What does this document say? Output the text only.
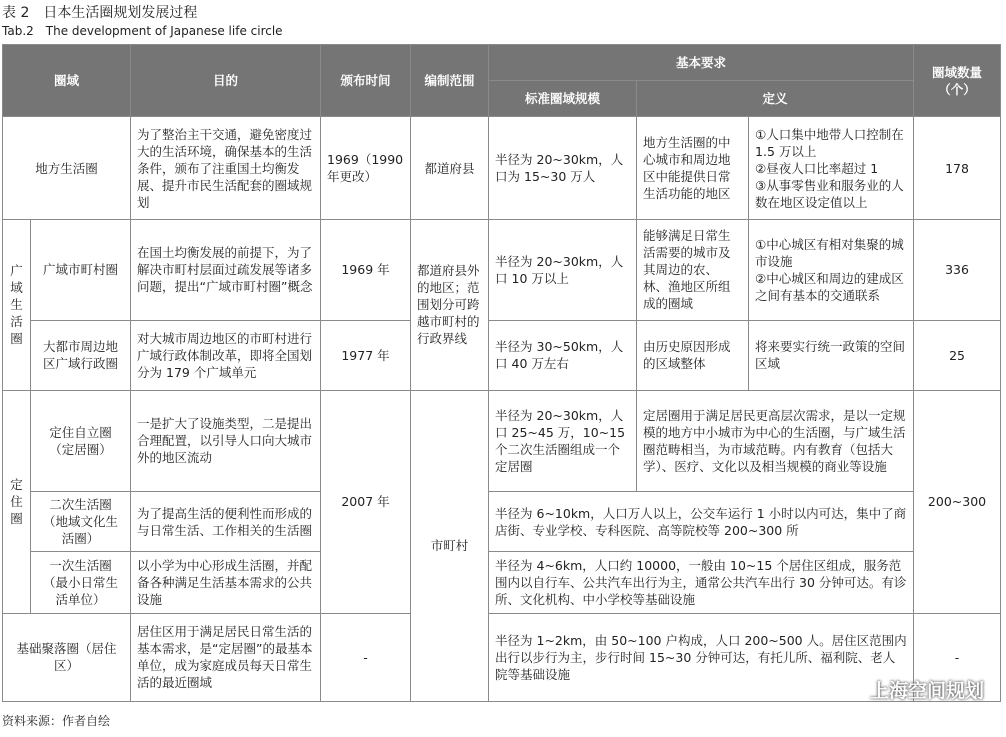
表 2　日本生活圈规划发展过程
Tab.2　The development of Japanese life circle
圈域		目的	颁布时间	编制范围	基本要求			圈域数量（个）
					标准圈域规模	定义		
地方生活圈		为了整治主干交通，避免密度过大的生活环境，确保基本的生活条件，颁布了注重国土均衡发展、提升市民生活配套的圈域规划	1969（1990年更改）	都道府县	半径为 20~30km，人口为 15~30 万人	地方生活圈的中心城市和周边地区中能提供日常生活功能的地区	①人口集中地带人口控制在 1.5 万以上
②昼夜人口比率超过 1
③从事零售业和服务业的人数在地区设定值以上	178
广域生活圈	广域市町村圈	在国土均衡发展的前提下，为了解决市町村层面过疏发展等诸多问题，提出“广域市町村圈”概念	1969 年	都道府县外的地区；范围划分可跨越市町村的行政界线	半径为 20~30km，人口 10 万以上	能够满足日常生活需要的城市及其周边的农、林、渔地区所组成的圈域	①中心城区有相对集聚的城市设施
②中心城区和周边的建成区之间有基本的交通联系	336
	大都市周边地区广域行政圈	对大城市周边地区的市町村进行广域行政体制改革，即将全国划分为 179 个广域单元	1977 年		半径为 30~50km，人口 40 万左右	由历史原因形成的区域整体	将来要实行统一政策的空间区域	25
定住圈	定住自立圈（定居圈）	一是扩大了设施类型，二是提出合理配置，以引导人口向大城市外的地区流动	2007 年	市町村	半径为 20~30km，人口 25~45 万，10~15 个二次生活圈组成一个定居圈	定居圈用于满足居民更高层次需求，是以一定规模的地方中小城市为中心的生活圈，与广域生活圈范畴相当，为市域范畴。内有教育（包括大学）、医疗、文化以及相当规模的商业等设施		200~300
	二次生活圈（地域文化生活圈）	为了提高生活的便利性而形成的与日常生活、工作相关的生活圈			半径为 6~10km，人口万人以上，公交车运行 1 小时以内可达，集中了商店街、专业学校、专科医院、高等院校等 200~300 所			
	一次生活圈（最小日常生活单位）	以小学为中心形成生活圈，并配备各种满足生活基本需求的公共设施			半径为 4~6km，人口约 10000，一般由 10~15 个居住区组成，服务范围内以自行车、公共汽车出行为主，通常公共汽车出行 30 分钟可达。有诊所、文化机构、中小学校等基础设施			
基础聚落圈（居住区）		居住区用于满足居民日常生活的基本需求，是“定居圈”的最基本单位，成为家庭成员每天日常生活的最近圈域	-		半径为 1~2km，由 50~100 户构成，人口 200~500 人。居住区范围内出行以步行为主，步行时间 15~30 分钟可达，有托儿所、福利院、老人院等基础设施			-
资料来源：作者自绘
上海空间规划
